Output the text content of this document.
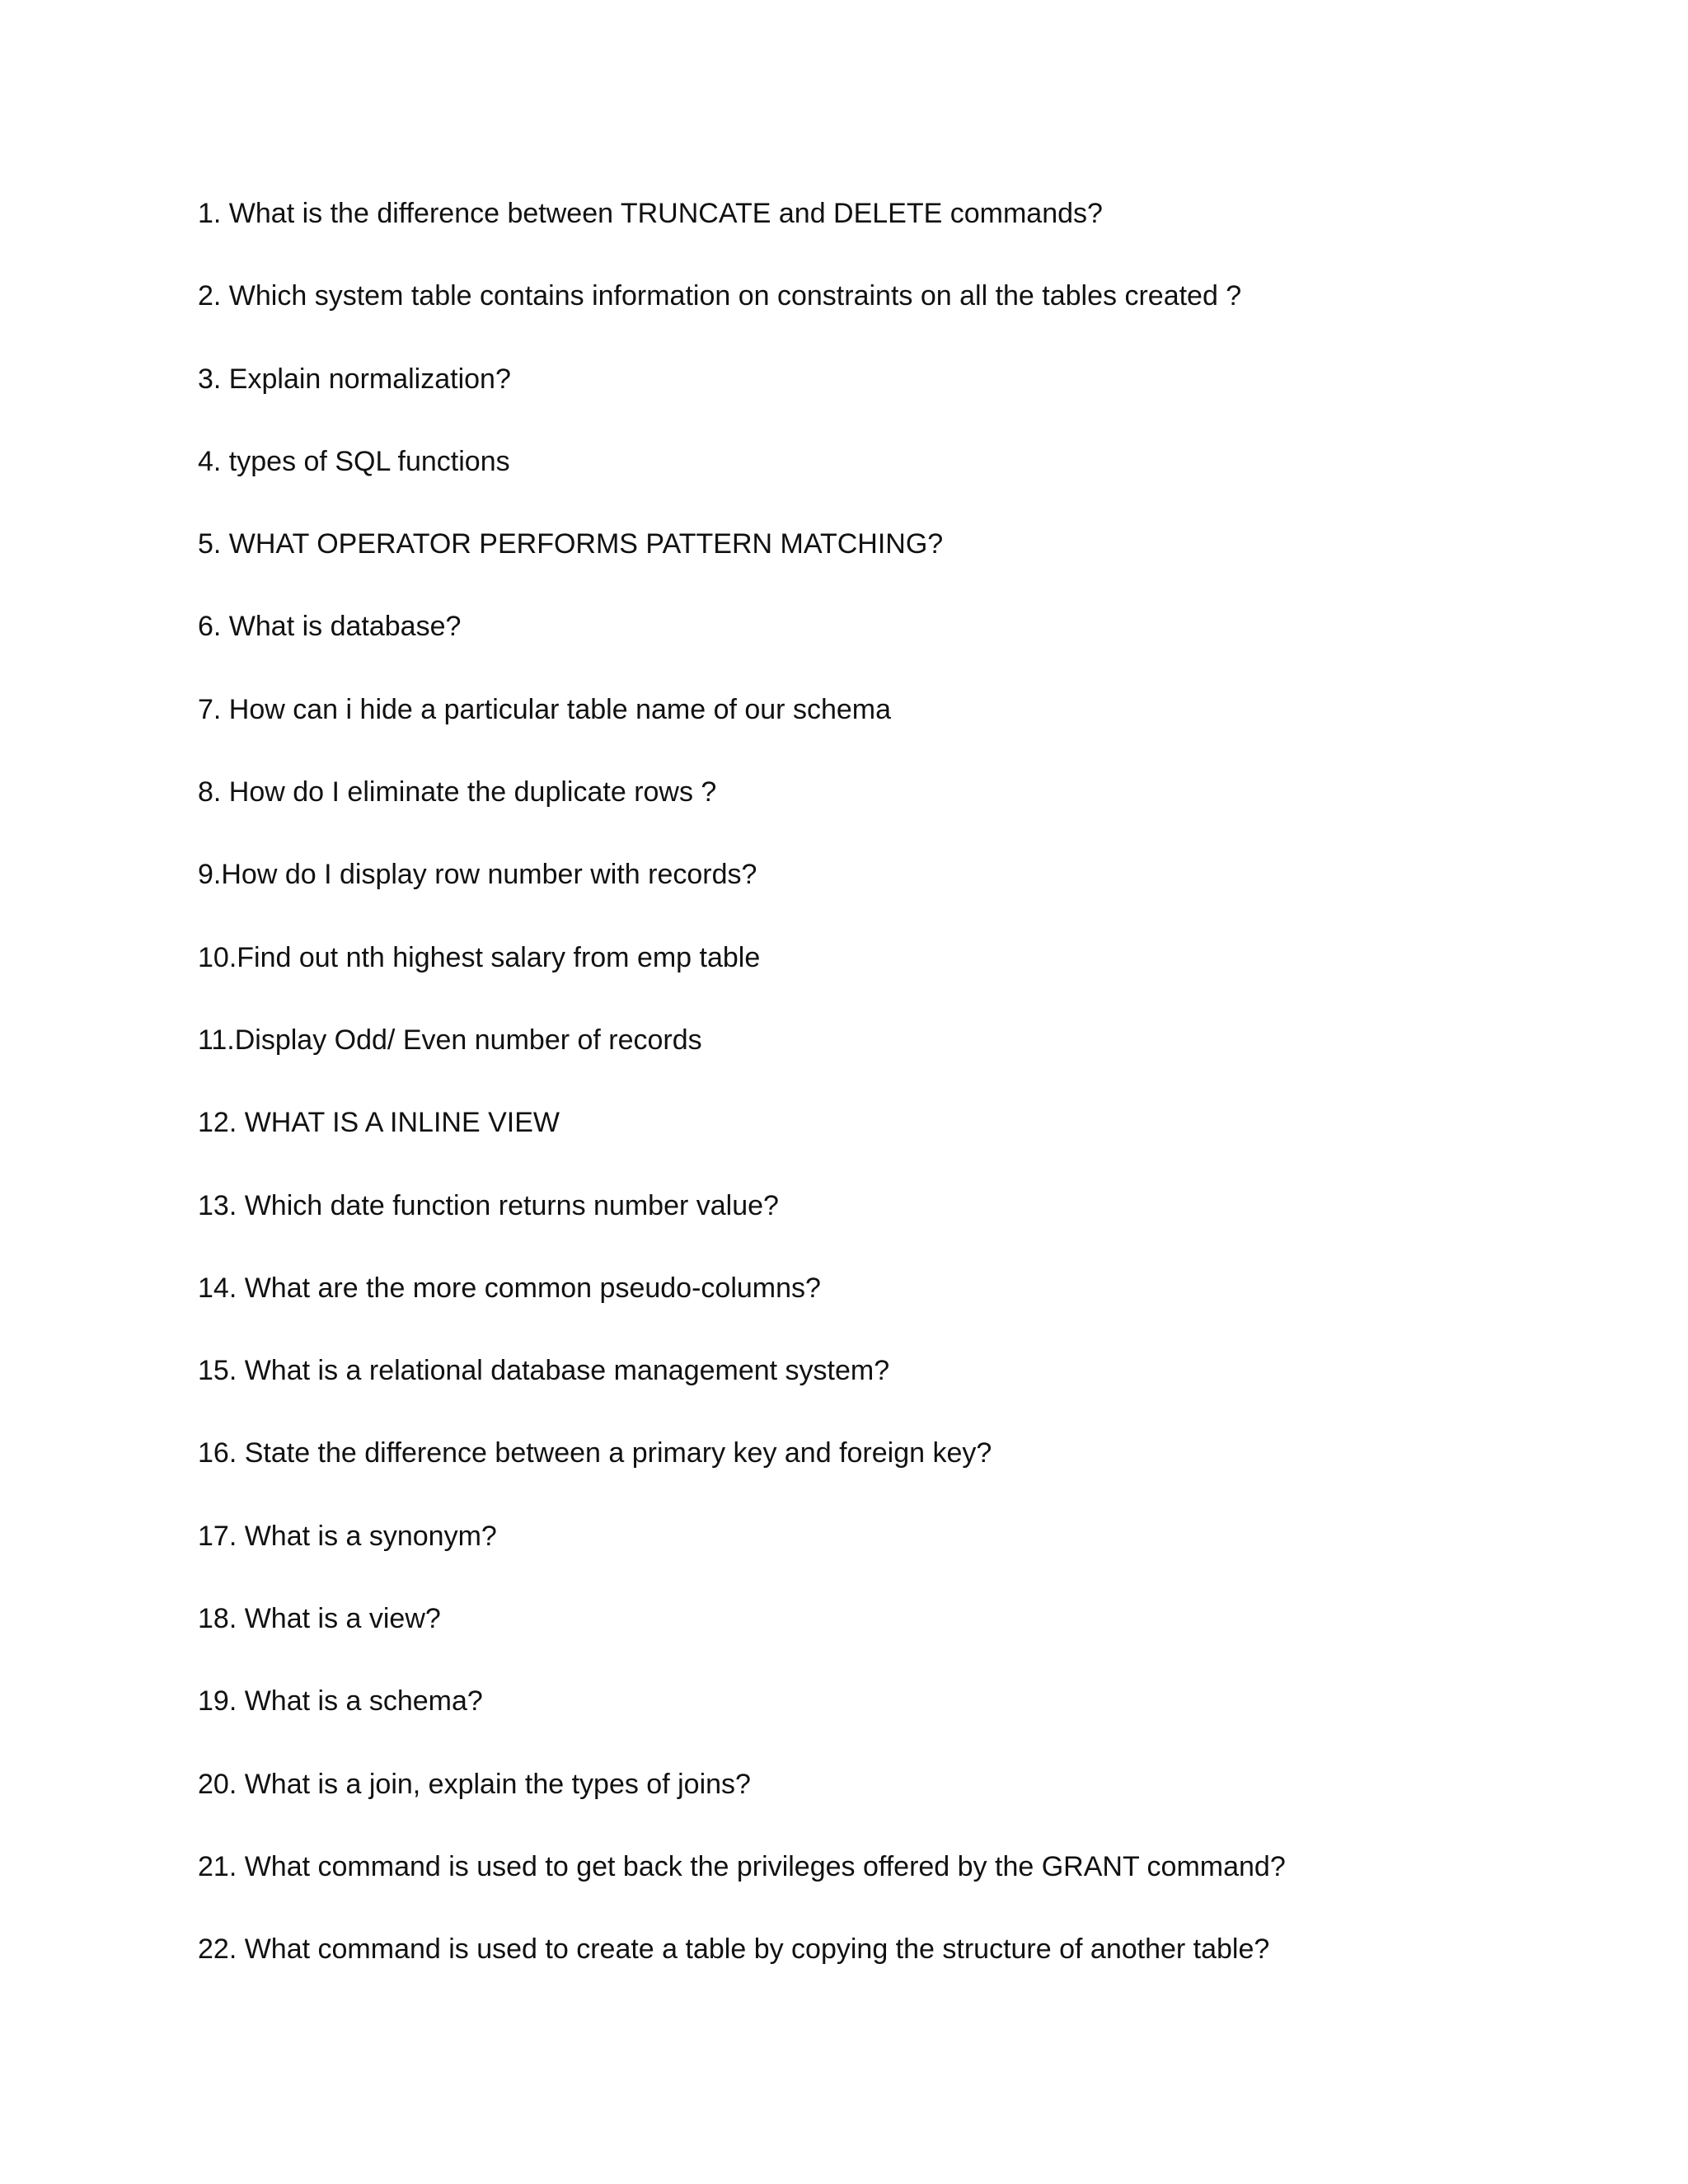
1. What is the difference between TRUNCATE and DELETE commands?
2. Which system table contains information on constraints on all the tables created ?
3. Explain normalization?
4. types of SQL functions
5. WHAT OPERATOR PERFORMS PATTERN MATCHING?
6. What is database?
7. How can i hide a particular table name of our schema
8. How do I eliminate the duplicate rows ?
9.How do I display row number with records?
10.Find out nth highest salary from emp table
11.Display Odd/ Even number of records
12. WHAT IS A INLINE VIEW
13. Which date function returns number value?
14. What are the more common pseudo-columns?
15. What is a relational database management system?
16. State the difference between a primary key and foreign key?
17. What is a synonym?
18. What is a view?
19. What is a schema?
20. What is a join, explain the types of joins?
21. What command is used to get back the privileges offered by the GRANT command?
22. What command is used to create a table by copying the structure of another table?
